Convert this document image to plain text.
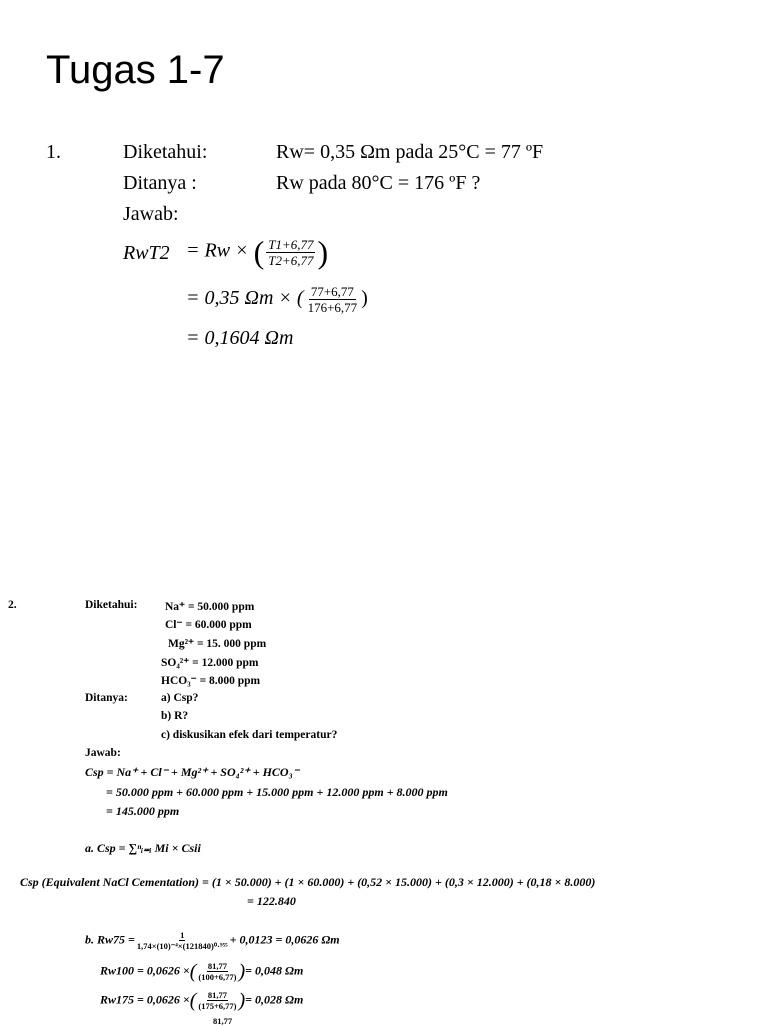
Tugas 1-7
1.	Diketahui:	Rw= 0,35 Ωm pada 25°C = 77 ºF
Ditanya :	Rw pada 80°C = 176 ºF ?
Jawab:
RwT2 = Rw × ( $\frac{T1+6,77}{T2+6,77}$ )
= 0,35 Ωm × ( $\frac{77+6,77}{176+6,77}$ )
= 0,1604 Ωm
2.	Diketahui: Na⁺ = 50.000 ppm
Cl⁻ = 60.000 ppm
Mg²⁺ = 15. 000 ppm
SO₄²⁺ = 12.000 ppm
HCO₃⁻ = 8.000 ppm
Ditanya:	a) Csp?
b) R?
c) diskusikan efek dari temperatur?
Jawab:
Csp = Na⁺ + Cl⁻ + Mg²⁺ + SO₄²⁺ + HCO₃⁻
= 50.000 ppm + 60.000 ppm + 15.000 ppm + 12.000 ppm + 8.000 ppm
= 145.000 ppm
a. Csp = ∑ⁿᵢ₌ᵢ Mi × Csii
Csp (Equivalent NaCl Cementation) = (1 × 50.000) + (1 × 60.000) + (0,52 × 15.000) + (0,3 × 12.000) + (0,18 × 8.000)
= 122.840
b. $Rw75 = \frac{1}{\text{1,74×(10)⁻⁴×(121840)⁰·⁹⁵⁵}} + 0,0123 = 0,0626$ Ωm
Rw100 = 0,0626 ×( $\frac{81,77}{(100+6,77)}$ )= 0,048 Ωm
Rw175 = 0,0626 ×( $\frac{81,77}{(175+6,77)}$ )= 0,028 Ωm
81,77
